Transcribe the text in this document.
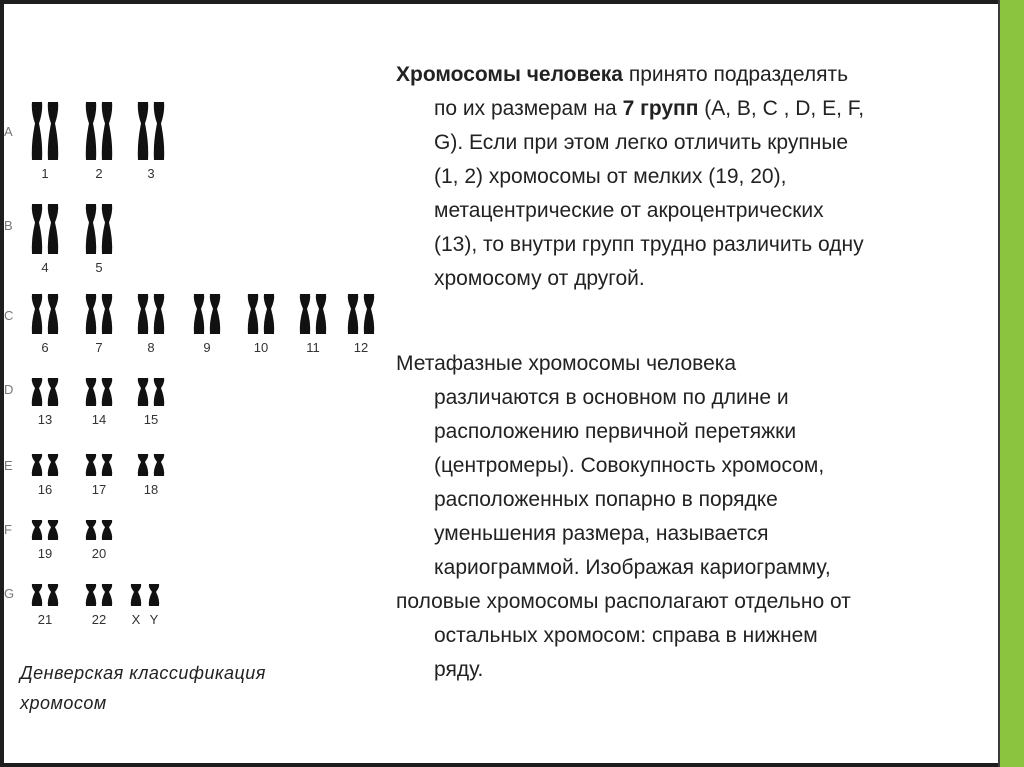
A
B
C
D
E
F
G
1	2	3
4	5
6	7	8	9	10	11	12
13	14	15
16	17	18
19	20
21	22	X Y
Денверская классификация
хромосом
Хромосомы человека принято подразделять
по их размерам на 7 групп (A, B, C , D, E, F,
G). Если при этом легко отличить крупные
(1, 2) хромосомы от мелких (19, 20),
метацентрические от акроцентрических
(13), то внутри групп трудно различить одну
хромосому от другой.
Метафазные хромосомы человека
различаются в основном по длине и
расположению первичной перетяжки
(центромеры). Совокупность хромосом,
расположенных попарно в порядке
уменьшения размера, называется
кариограммой. Изображая кариограмму,
половые хромосомы располагают отдельно от
остальных хромосом: справа в нижнем
ряду.
